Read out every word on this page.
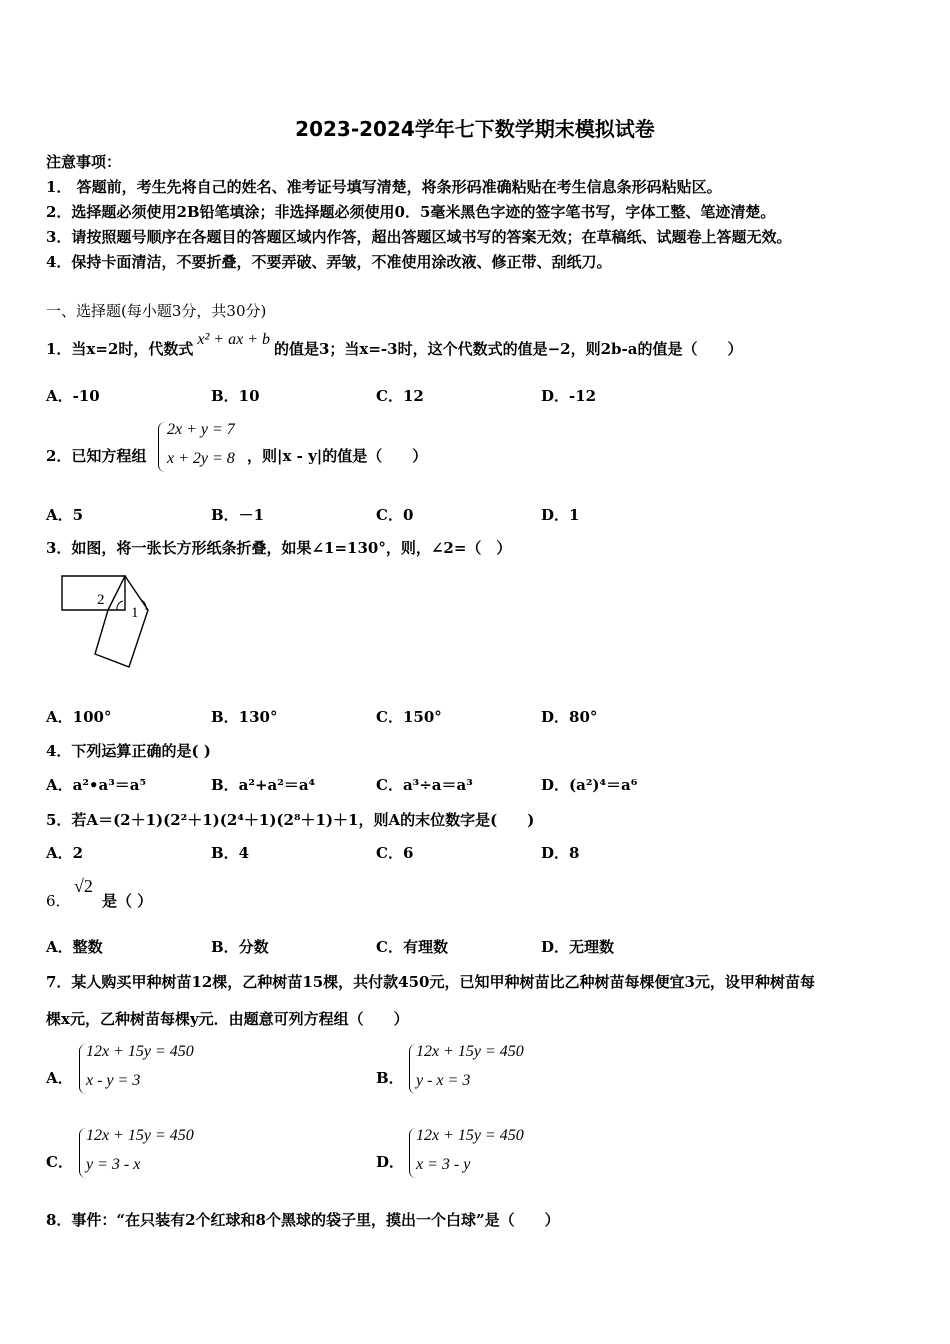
2023-2024学年七下数学期末模拟试卷
注意事项：
1． 答题前，考生先将自己的姓名、准考证号填写清楚，将条形码准确粘贴在考生信息条形码粘贴区。
2．选择题必须使用2B铅笔填涂；非选择题必须使用0．5毫米黑色字迹的签字笔书写，字体工整、笔迹清楚。
3．请按照题号顺序在各题目的答题区域内作答，超出答题区域书写的答案无效；在草稿纸、试题卷上答题无效。
4．保持卡面清洁，不要折叠，不要弄破、弄皱，不准使用涂改液、修正带、刮纸刀。
一、选择题(每小题3分，共30分)
1．当x=2时，代数式x² + ax + b的值是3；当x=-3时，这个代数式的值是−2，则2b-a的值是（　　）
A．-10	B．10	C．12	D．-12
2．已知方程组
2x + y = 7
x + 2y = 8 ，则|x - y|的值是（　　）
A．5	B．－1	C．0	D．1
3．如图，将一张长方形纸条折叠，如果∠1=130°，则，∠2=（　）
2
1
A．100°	B．130°	C．150°	D．80°
4．下列运算正确的是( )
A．a²•a³＝a⁵	B．a²+a²＝a⁴	C．a³÷a＝a³	D．(a²)⁴＝a⁶
5．若A＝(2＋1)(2²＋1)(2⁴＋1)(2⁸＋1)＋1，则A的末位数字是(　　)
A．2	B．4	C．6	D．8
6．
√2
是（ ）
A．整数	B．分数	C．有理数	D．无理数
7．某人购买甲种树苗12棵，乙种树苗15棵，共付款450元，已知甲种树苗比乙种树苗每棵便宜3元，设甲种树苗每
棵x元，乙种树苗每棵y元．由题意可列方程组（　　）
A．
12x + 15y = 450
x - y = 3	B．
12x + 15y = 450
y - x = 3
C．
12x + 15y = 450
y = 3 - x	D．
12x + 15y = 450
x = 3 - y
8．事件：“在只装有2个红球和8个黑球的袋子里，摸出一个白球”是（　　）
